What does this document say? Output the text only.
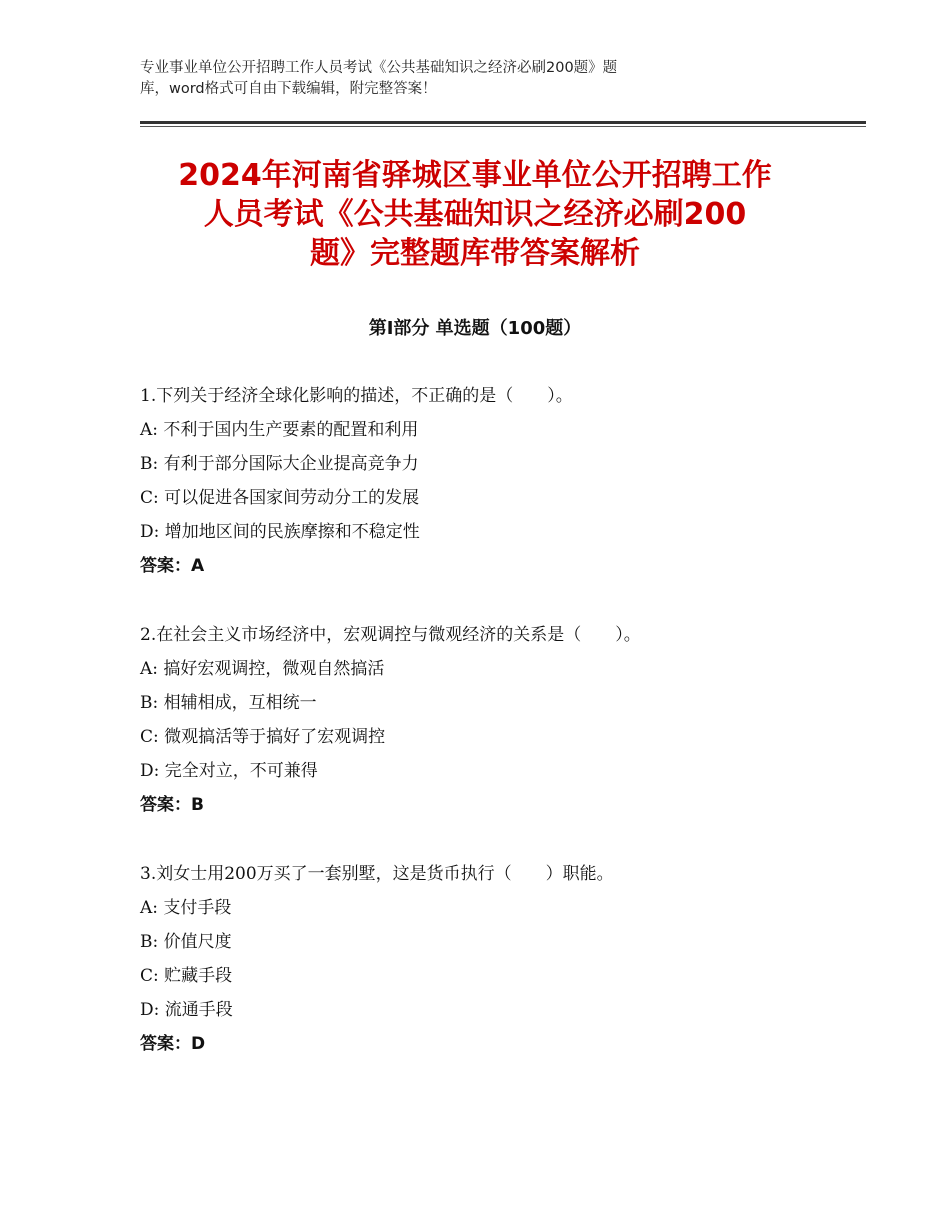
专业事业单位公开招聘工作人员考试《公共基础知识之经济必刷200题》题
库，word格式可自由下载编辑，附完整答案！
2024年河南省驿城区事业单位公开招聘工作
人员考试《公共基础知识之经济必刷200
题》完整题库带答案解析
第Ⅰ部分 单选题（100题）
1.下列关于经济全球化影响的描述，不正确的是（　　）。
A: 不利于国内生产要素的配置和利用
B: 有利于部分国际大企业提高竞争力
C: 可以促进各国家间劳动分工的发展
D: 增加地区间的民族摩擦和不稳定性
答案：A
2.在社会主义市场经济中，宏观调控与微观经济的关系是（　　）。
A: 搞好宏观调控，微观自然搞活
B: 相辅相成，互相统一
C: 微观搞活等于搞好了宏观调控
D: 完全对立，不可兼得
答案：B
3.刘女士用200万买了一套别墅，这是货币执行（　　）职能。
A: 支付手段
B: 价值尺度
C: 贮藏手段
D: 流通手段
答案：D
